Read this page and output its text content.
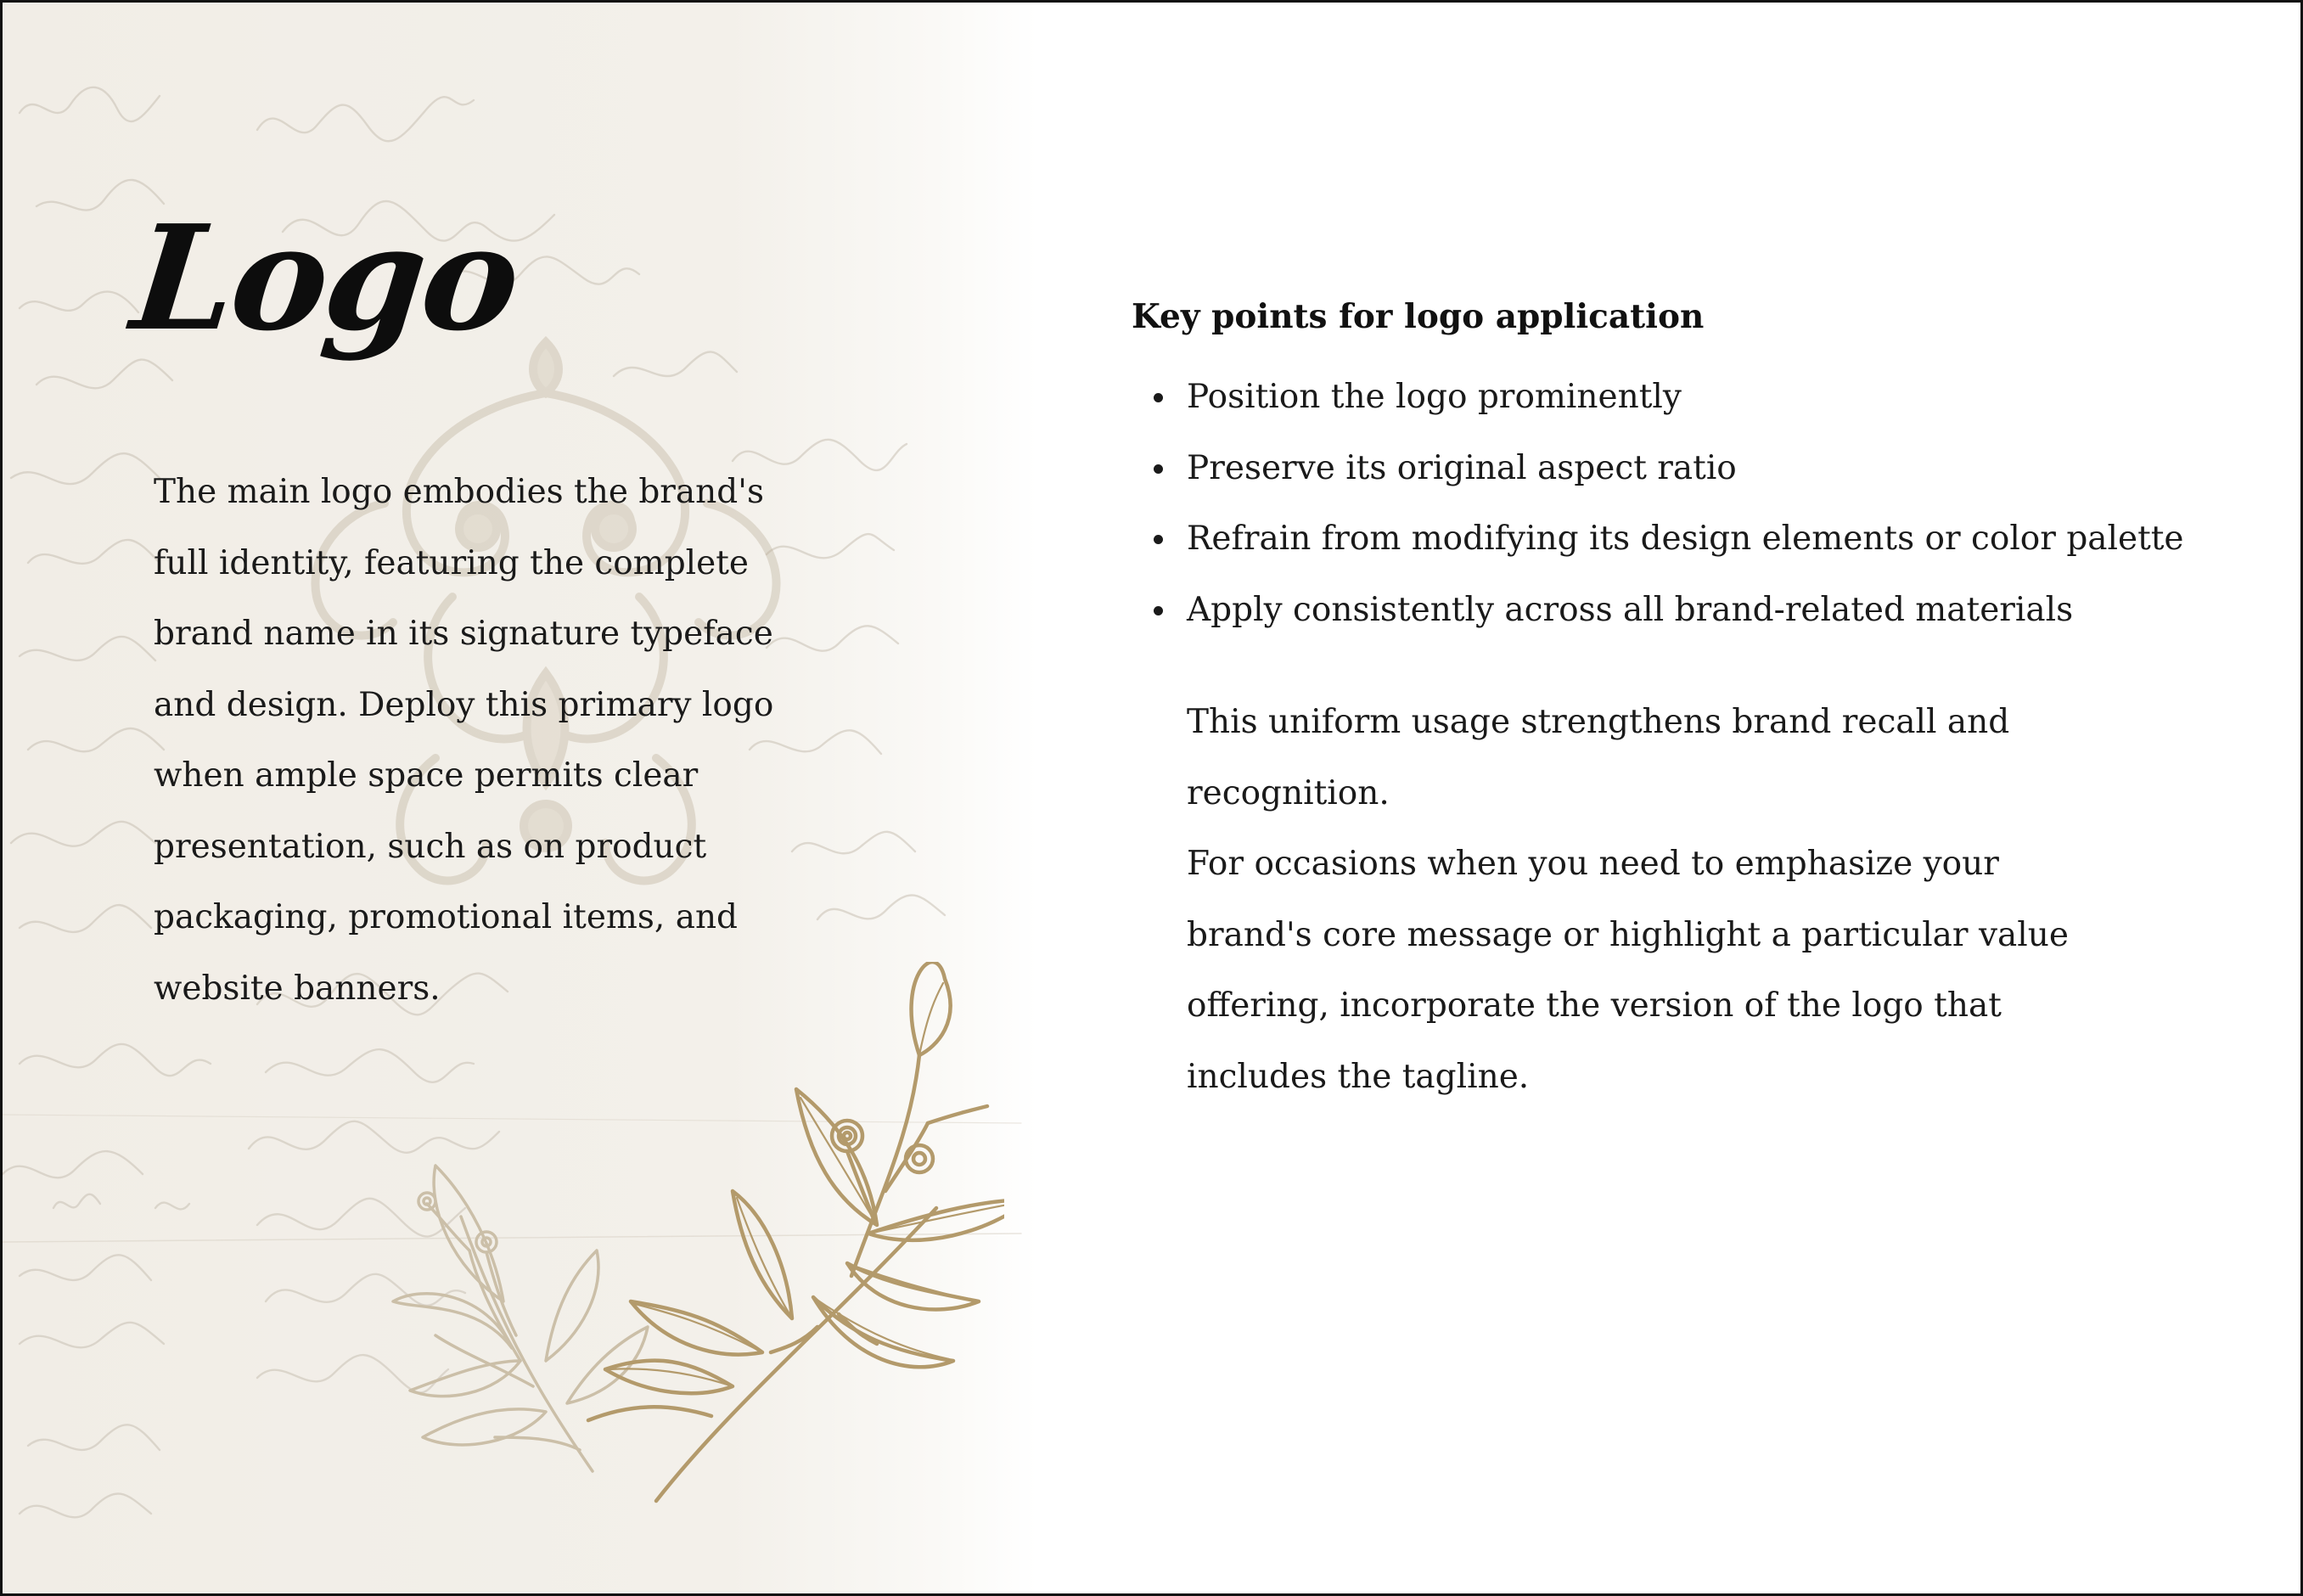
Logo

The main logo embodies the brand's full identity, featuring the complete brand name in its signature typeface and design. Deploy this primary logo when ample space permits clear presentation, such as on product packaging, promotional items, and website banners.

Key points for logo application
Position the logo prominently
Preserve its original aspect ratio
Refrain from modifying its design elements or color palette
Apply consistently across all brand-related materials

This uniform usage strengthens brand recall and recognition.
For occasions when you need to emphasize your brand's core message or highlight a particular value offering, incorporate the version of the logo that includes the tagline.
